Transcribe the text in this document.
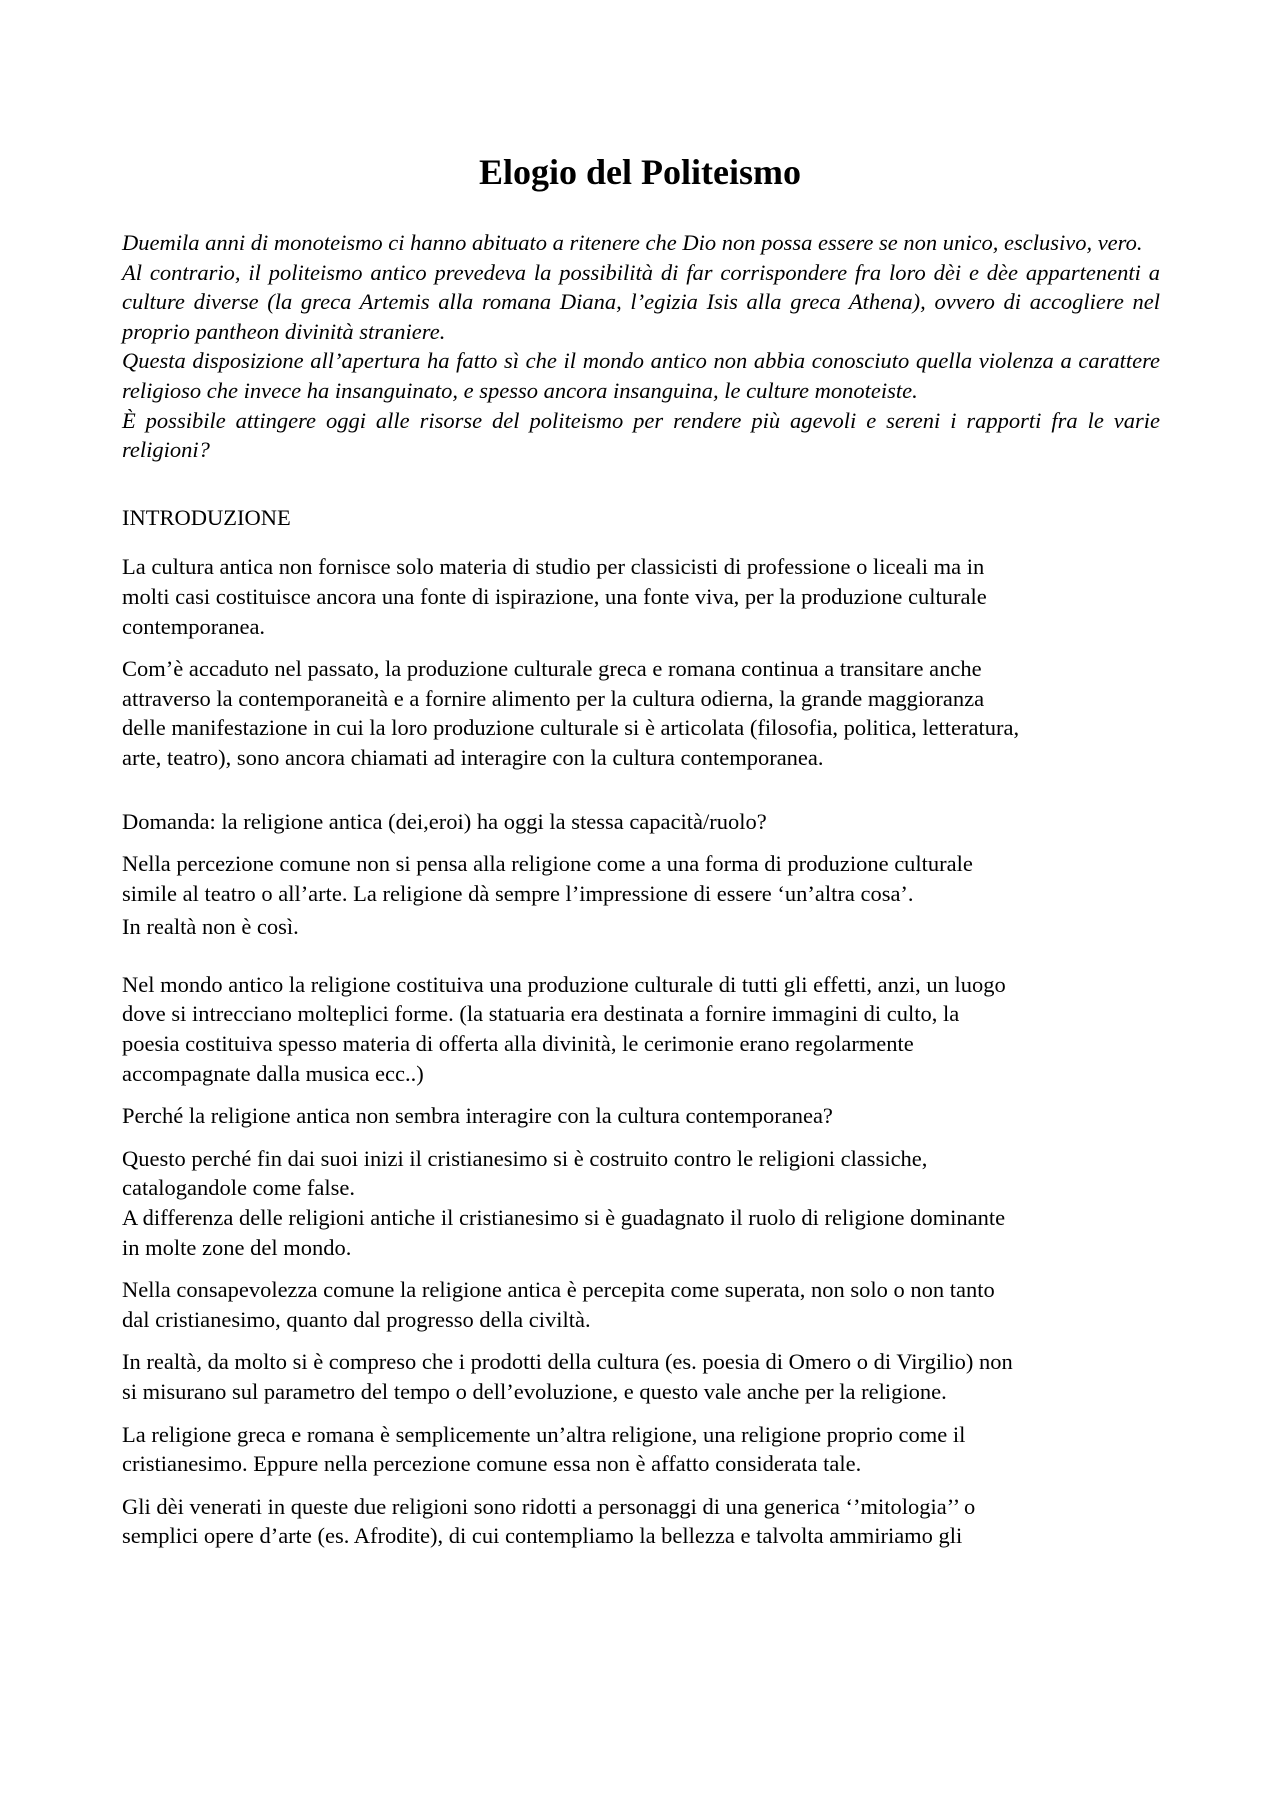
Elogio del Politeismo

Duemila anni di monoteismo ci hanno abituato a ritenere che Dio non possa essere se non unico, esclusivo, vero.
Al contrario, il politeismo antico prevedeva la possibilità di far corrispondere fra loro dèi e dèe appartenenti a culture diverse (la greca Artemis alla romana Diana, l’egizia Isis alla greca Athena), ovvero di accogliere nel proprio pantheon divinità straniere.
Questa disposizione all’apertura ha fatto sì che il mondo antico non abbia conosciuto quella violenza a carattere religioso che invece ha insanguinato, e spesso ancora insanguina, le culture monoteiste.
È possibile attingere oggi alle risorse del politeismo per rendere più agevoli e sereni i rapporti fra le varie religioni?

INTRODUZIONE

La cultura antica non fornisce solo materia di studio per classicisti di professione o liceali ma in
molti casi costituisce ancora una fonte di ispirazione, una fonte viva, per la produzione culturale
contemporanea.

Com’è accaduto nel passato, la produzione culturale greca e romana continua a transitare anche
attraverso la contemporaneità e a fornire alimento per la cultura odierna, la grande maggioranza
delle manifestazione in cui la loro produzione culturale si è articolata (filosofia, politica, letteratura,
arte, teatro), sono ancora chiamati ad interagire con la cultura contemporanea.

Domanda: la religione antica (dei,eroi) ha oggi la stessa capacità/ruolo?

Nella percezione comune non si pensa alla religione come a una forma di produzione culturale
simile al teatro o all’arte. La religione dà sempre l’impressione di essere ‘un’altra cosa’.

In realtà non è così.

Nel mondo antico la religione costituiva una produzione culturale di tutti gli effetti, anzi, un luogo
dove si intrecciano molteplici forme. (la statuaria era destinata a fornire immagini di culto, la
poesia costituiva spesso materia di offerta alla divinità, le cerimonie erano regolarmente
accompagnate dalla musica ecc..)

Perché la religione antica non sembra interagire con la cultura contemporanea?

Questo perché fin dai suoi inizi il cristianesimo si è costruito contro le religioni classiche,
catalogandole come false.
A differenza delle religioni antiche il cristianesimo si è guadagnato il ruolo di religione dominante
in molte zone del mondo.

Nella consapevolezza comune la religione antica è percepita come superata, non solo o non tanto
dal cristianesimo, quanto dal progresso della civiltà.

In realtà, da molto si è compreso che i prodotti della cultura (es. poesia di Omero o di Virgilio) non
si misurano sul parametro del tempo o dell’evoluzione, e questo vale anche per la religione.

La religione greca e romana è semplicemente un’altra religione, una religione proprio come il
cristianesimo. Eppure nella percezione comune essa non è affatto considerata tale.

Gli dèi venerati in queste due religioni sono ridotti a personaggi di una generica ‘’mitologia’’ o
semplici opere d’arte (es. Afrodite), di cui contempliamo la bellezza e talvolta ammiriamo gli
